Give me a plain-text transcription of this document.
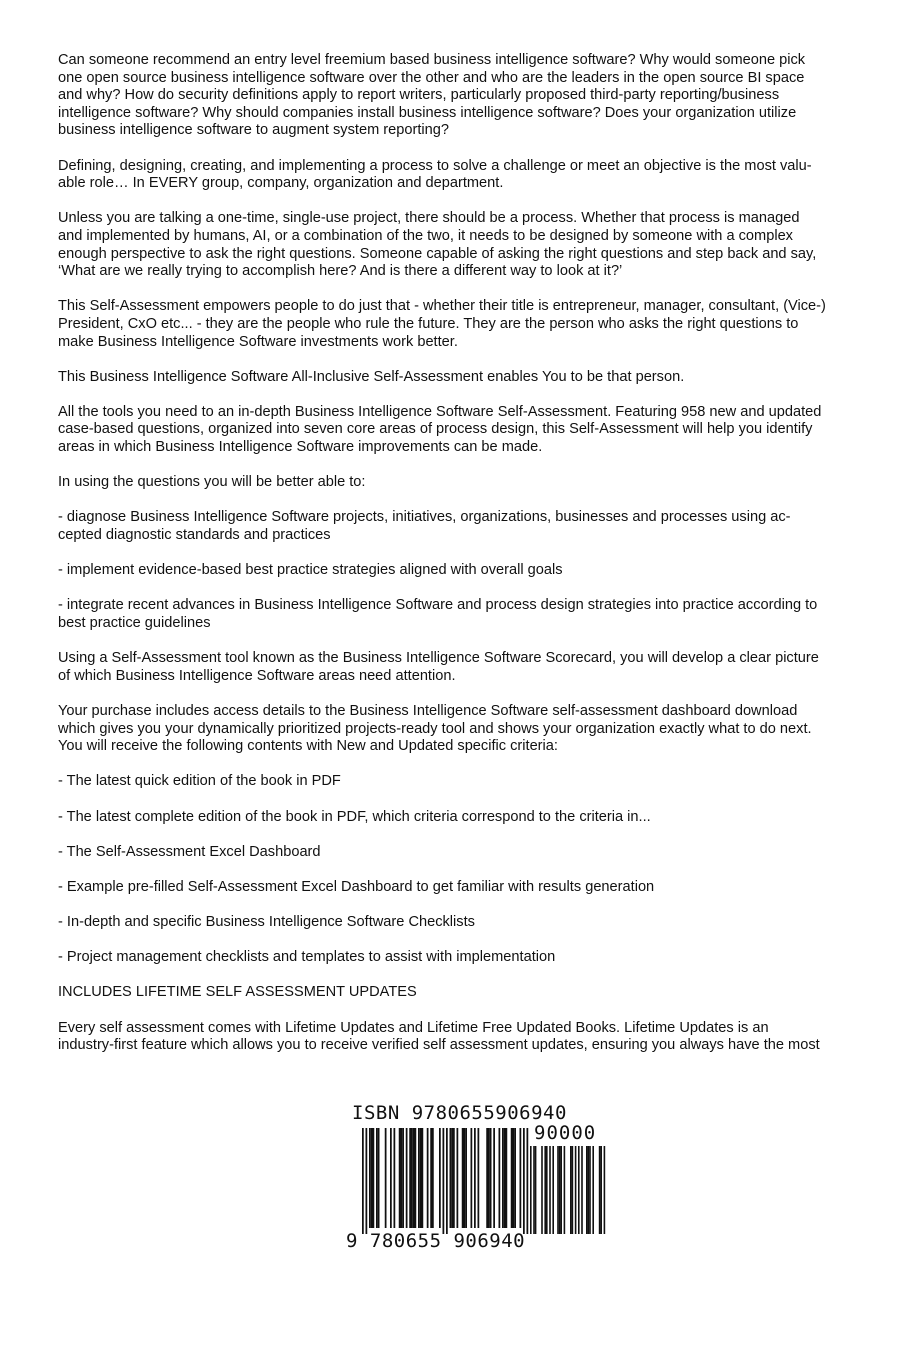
Can someone recommend an entry level freemium based business intelligence software? Why would someone pick
one open source business intelligence software over the other and who are the leaders in the open source BI space
and why? How do security definitions apply to report writers, particularly proposed third-party reporting/business
intelligence software? Why should companies install business intelligence software? Does your organization utilize
business intelligence software to augment system reporting?

Defining, designing, creating, and implementing a process to solve a challenge or meet an objective is the most valu-
able role… In EVERY group, company, organization and department.

Unless you are talking a one-time, single-use project, there should be a process. Whether that process is managed
and implemented by humans, AI, or a combination of the two, it needs to be designed by someone with a complex
enough perspective to ask the right questions. Someone capable of asking the right questions and step back and say,
‘What are we really trying to accomplish here? And is there a different way to look at it?’

This Self-Assessment empowers people to do just that - whether their title is entrepreneur, manager, consultant, (Vice-)
President, CxO etc... - they are the people who rule the future. They are the person who asks the right questions to
make Business Intelligence Software investments work better.

This Business Intelligence Software All-Inclusive Self-Assessment enables You to be that person.

All the tools you need to an in-depth Business Intelligence Software Self-Assessment. Featuring 958 new and updated
case-based questions, organized into seven core areas of process design, this Self-Assessment will help you identify
areas in which Business Intelligence Software improvements can be made.

In using the questions you will be better able to:

- diagnose Business Intelligence Software projects, initiatives, organizations, businesses and processes using ac-
cepted diagnostic standards and practices

- implement evidence-based best practice strategies aligned with overall goals

- integrate recent advances in Business Intelligence Software and process design strategies into practice according to
best practice guidelines

Using a Self-Assessment tool known as the Business Intelligence Software Scorecard, you will develop a clear picture
of which Business Intelligence Software areas need attention.

Your purchase includes access details to the Business Intelligence Software self-assessment dashboard download
which gives you your dynamically prioritized projects-ready tool and shows your organization exactly what to do next.
You will receive the following contents with New and Updated specific criteria:

- The latest quick edition of the book in PDF

- The latest complete edition of the book in PDF, which criteria correspond to the criteria in...

- The Self-Assessment Excel Dashboard

- Example pre-filled Self-Assessment Excel Dashboard to get familiar with results generation

- In-depth and specific Business Intelligence Software Checklists

- Project management checklists and templates to assist with implementation

INCLUDES LIFETIME SELF ASSESSMENT UPDATES

Every self assessment comes with Lifetime Updates and Lifetime Free Updated Books. Lifetime Updates is an
industry-first feature which allows you to receive verified self assessment updates, ensuring you always have the most

ISBN 9780655906940
90000
9 780655 906940
